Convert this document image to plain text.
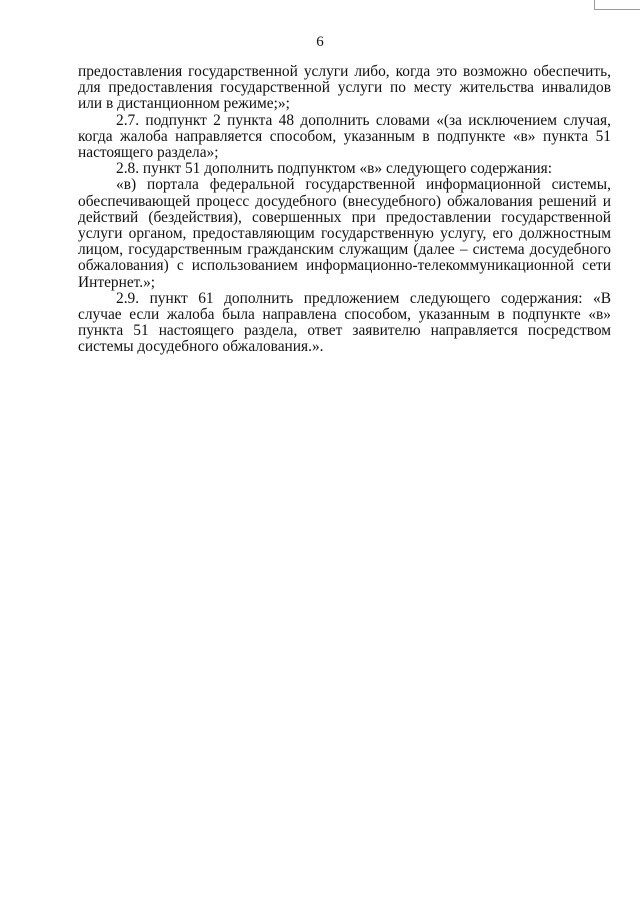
6

предоставления государственной услуги либо, когда это возможно обеспечить, для предоставления государственной услуги по месту жительства инвалидов или в дистанционном режиме;»;

2.7. подпункт 2 пункта 48 дополнить словами «(за исключением случая, когда жалоба направляется способом, указанным в подпункте «в» пункта 51 настоящего раздела»;

2.8. пункт 51 дополнить подпунктом «в» следующего содержания:

«в) портала федеральной государственной информационной системы, обеспечивающей процесс досудебного (внесудебного) обжалования решений и действий (бездействия), совершенных при предоставлении государственной услуги органом, предоставляющим государственную услугу, его должностным лицом, государственным гражданским служащим (далее – система досудебного обжалования) с использованием информационно-телекоммуникационной сети Интернет.»;

2.9. пункт 61 дополнить предложением следующего содержания: «В случае если жалоба была направлена способом, указанным в подпункте «в» пункта 51 настоящего раздела, ответ заявителю направляется посредством системы досудебного обжалования.».
